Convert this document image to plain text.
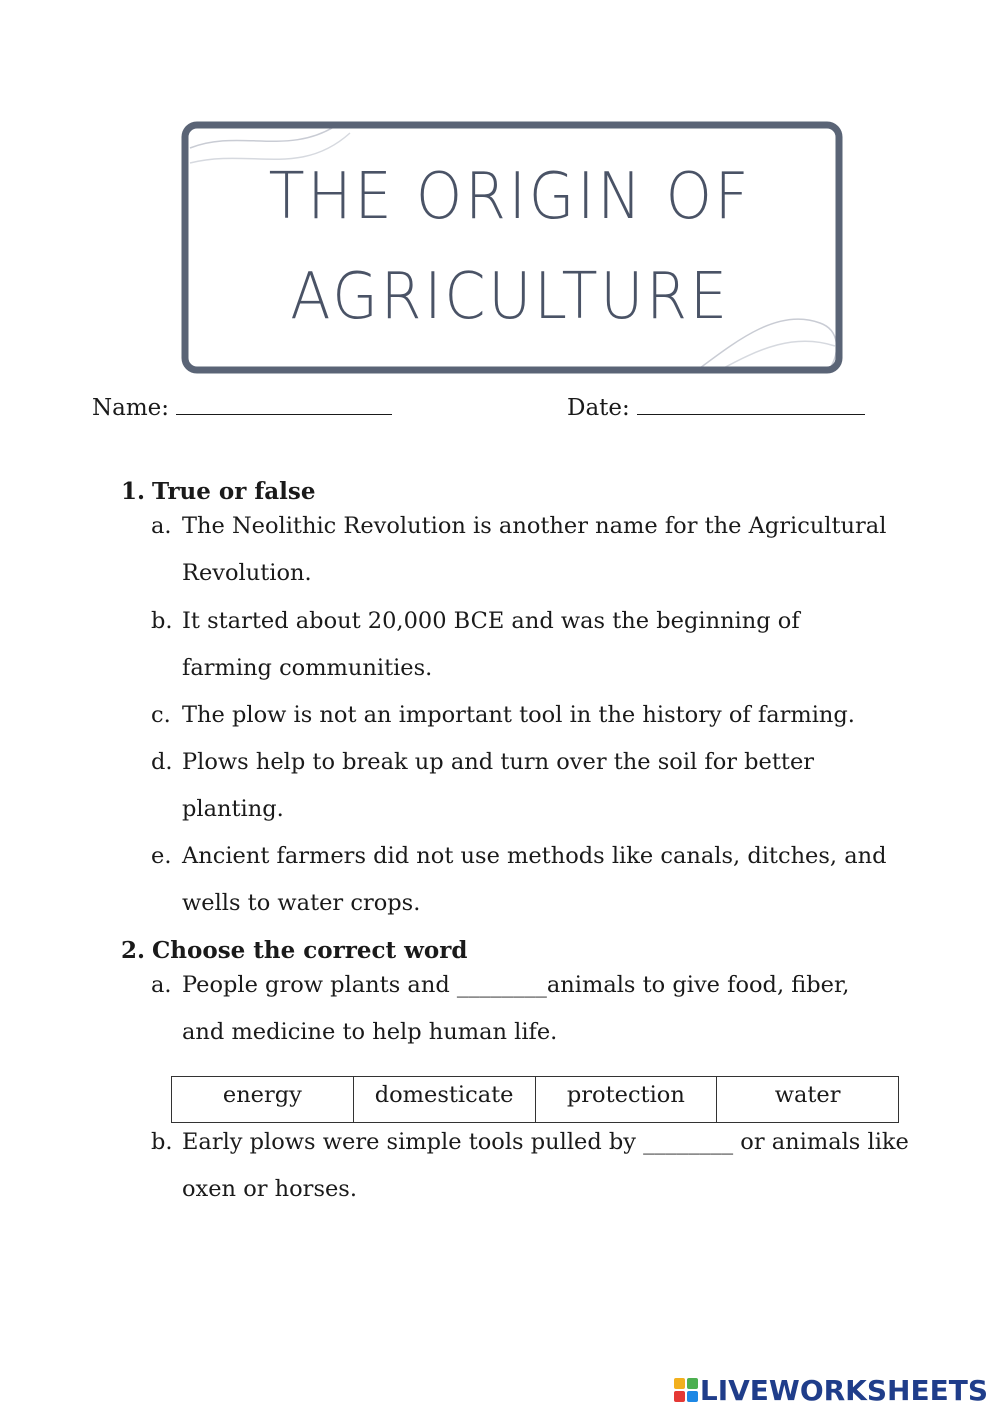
THE ORIGIN OF
AGRICULTURE
Name:	Date:
1. True or false
a. The Neolithic Revolution is another name for the Agricultural Revolution.
b. It started about 20,000 BCE and was the beginning of farming communities.
c. The plow is not an important tool in the history of farming.
d. Plows help to break up and turn over the soil for better planting.
e. Ancient farmers did not use methods like canals, ditches, and wells to water crops.
2. Choose the correct word
a. People grow plants and ________animals to give food, fiber, and medicine to help human life.
energy	domesticate	protection	water
b. Early plows were simple tools pulled by ________ or animals like oxen or horses.
LIVEWORKSHEETS
